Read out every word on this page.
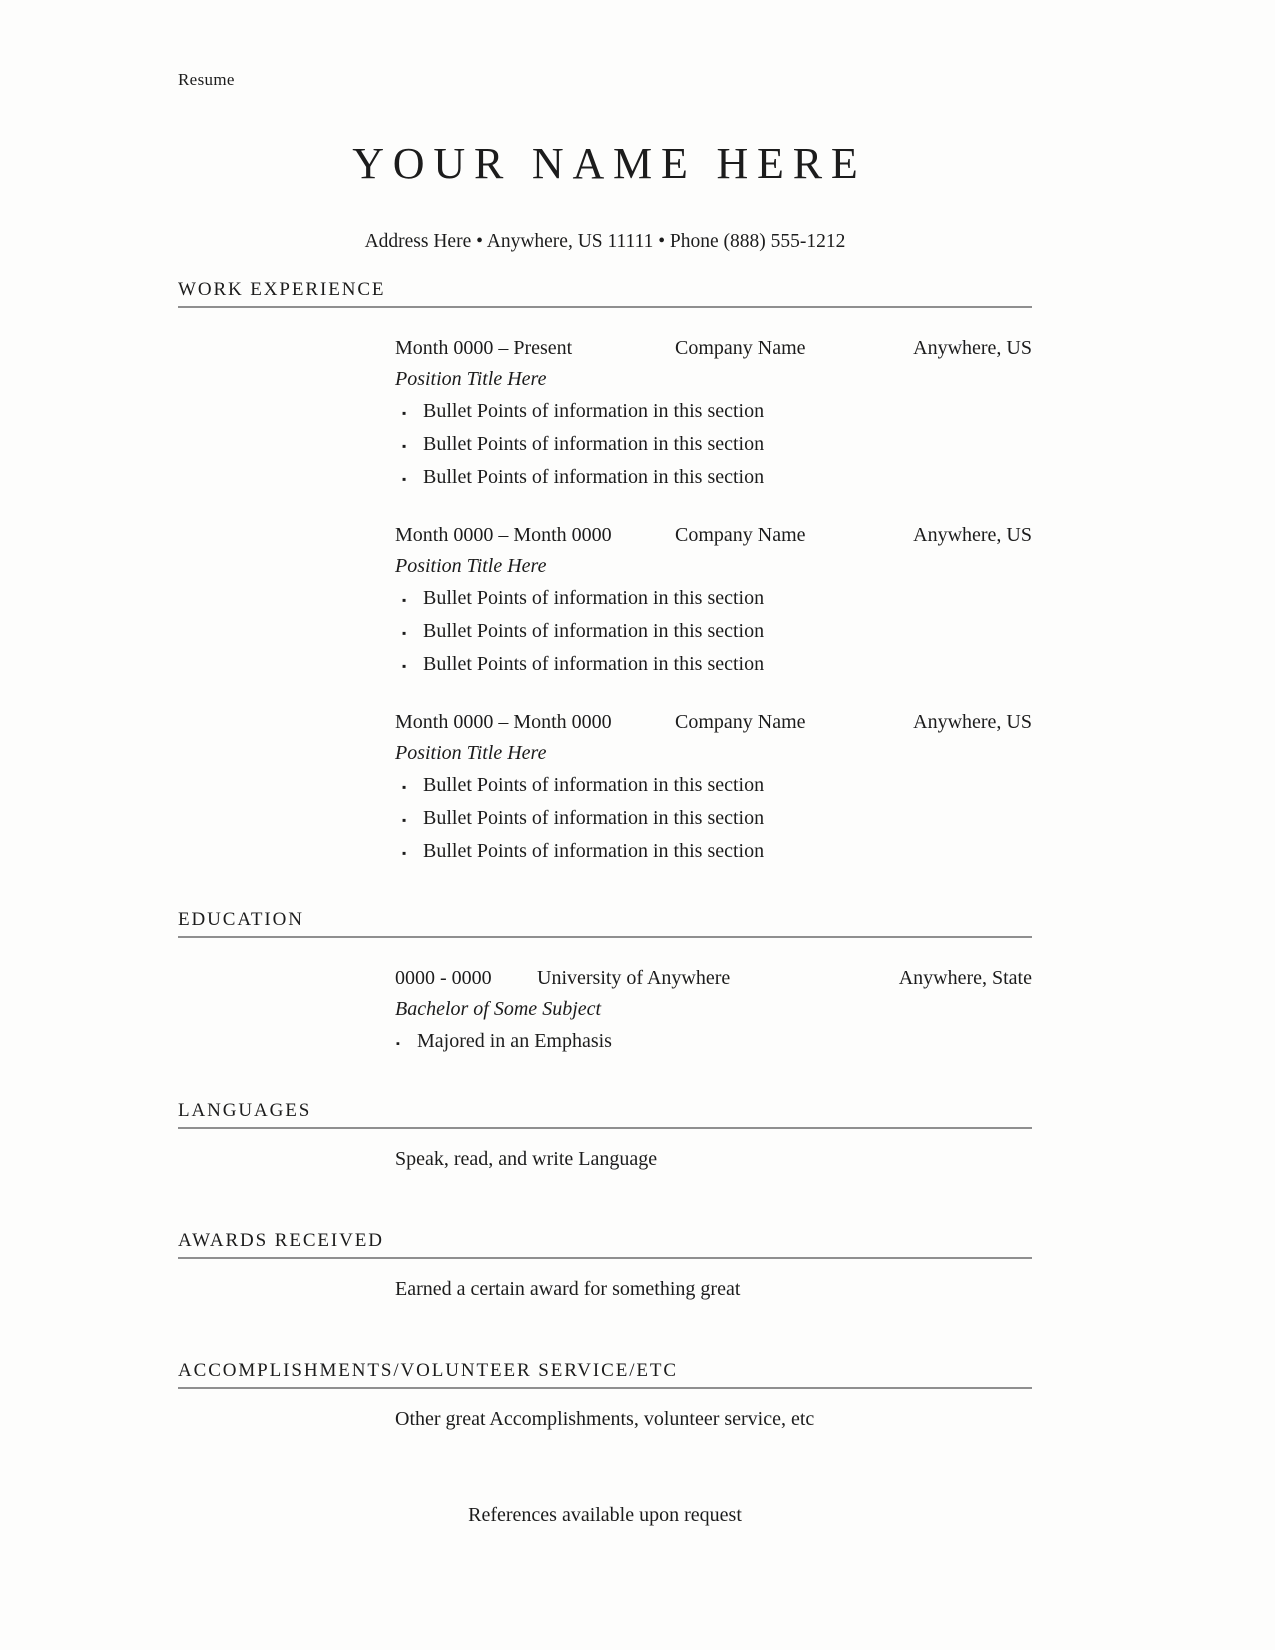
Resume
YOUR NAME HERE
Address Here • Anywhere, US 11111 • Phone (888) 555-1212
WORK EXPERIENCE
Month 0000 – Present	Company Name	Anywhere, US
Position Title Here
▪ Bullet Points of information in this section
▪ Bullet Points of information in this section
▪ Bullet Points of information in this section
Month 0000 – Month 0000	Company Name	Anywhere, US
Position Title Here
▪ Bullet Points of information in this section
▪ Bullet Points of information in this section
▪ Bullet Points of information in this section
Month 0000 – Month 0000	Company Name	Anywhere, US
Position Title Here
▪ Bullet Points of information in this section
▪ Bullet Points of information in this section
▪ Bullet Points of information in this section
EDUCATION
0000 - 0000	University of Anywhere	Anywhere, State
Bachelor of Some Subject
▪ Majored in an Emphasis
LANGUAGES
Speak, read, and write Language
AWARDS RECEIVED
Earned a certain award for something great
ACCOMPLISHMENTS/VOLUNTEER SERVICE/ETC
Other great Accomplishments, volunteer service, etc
References available upon request
